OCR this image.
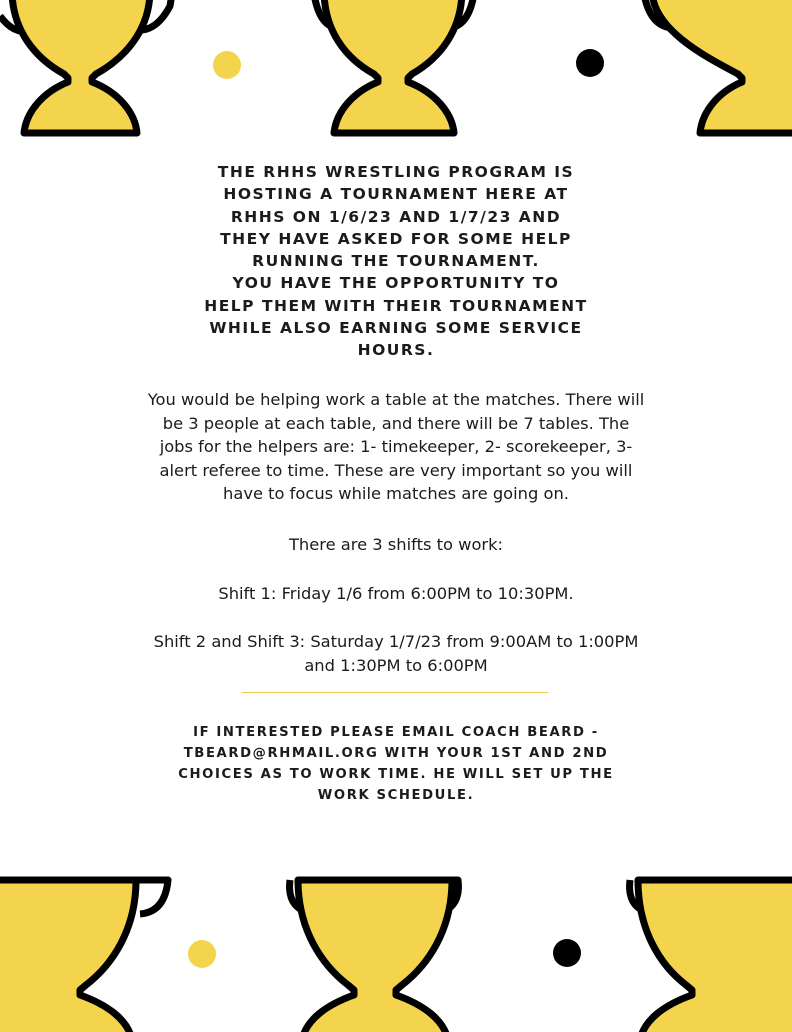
THE RHHS WRESTLING PROGRAM IS
HOSTING A TOURNAMENT HERE AT
RHHS ON 1/6/23 AND 1/7/23 AND
THEY HAVE ASKED FOR SOME HELP
RUNNING THE TOURNAMENT.
YOU HAVE THE OPPORTUNITY TO
HELP THEM WITH THEIR TOURNAMENT
WHILE ALSO EARNING SOME SERVICE
HOURS.
You would be helping work a table at the matches. There will
be 3 people at each table, and there will be 7 tables. The
jobs for the helpers are: 1- timekeeper, 2- scorekeeper, 3-
alert referee to time. These are very important so you will
have to focus while matches are going on.
There are 3 shifts to work:
Shift 1: Friday 1/6 from 6:00PM to 10:30PM.
Shift 2 and Shift 3: Saturday 1/7/23 from 9:00AM to 1:00PM
and 1:30PM to 6:00PM
IF INTERESTED PLEASE EMAIL COACH BEARD -
TBEARD@RHMAIL.ORG WITH YOUR 1ST AND 2ND
CHOICES AS TO WORK TIME. HE WILL SET UP THE
WORK SCHEDULE.
